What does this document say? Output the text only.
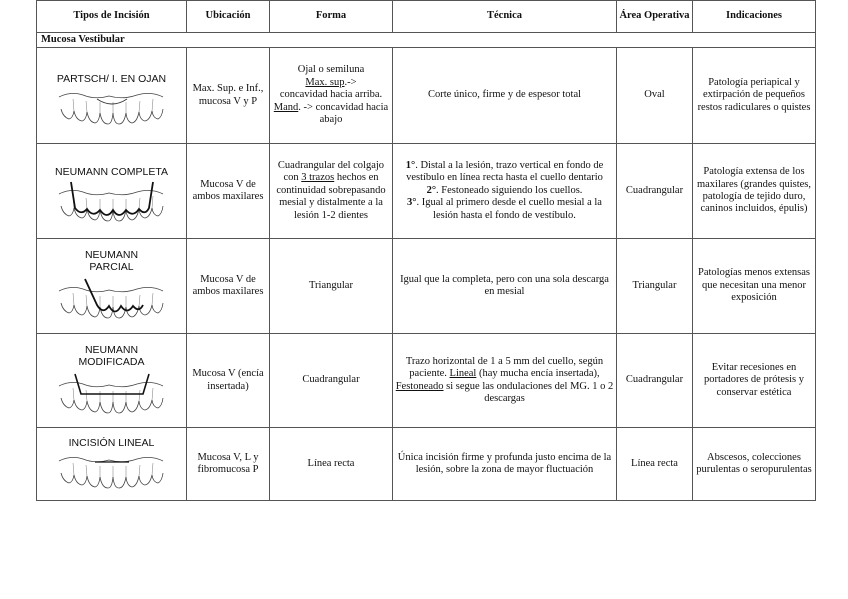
Tipos de Incisión	Ubicación	Forma	Técnica	Área Operativa	Indicaciones
Mucosa Vestibular					

PARTSCH/ I. EN OJAN	Max. Sup. e Inf., mucosa V y P	Ojal o semiluna
Max. sup.->
concavidad hacia arriba.
Mand. -> concavidad hacia abajo	Corte único, firme y de espesor total	Oval	Patología periapical y extirpación de pequeños restos radiculares o quistes

NEUMANN COMPLETA	Mucosa V de ambos maxilares	Cuadrangular del colgajo con 3 trazos hechos en continuidad sobrepasando mesial y distalmente a la lesión 1-2 dientes	1°. Distal a la lesión, trazo vertical en fondo de vestíbulo en línea recta hasta el cuello dentario
2°. Festoneado siguiendo los cuellos.
3°. Igual al primero desde el cuello mesial a la lesión hasta el fondo de vestíbulo.	Cuadrangular	Patología extensa de los maxilares (grandes quistes, patología de tejido duro, caninos incluidos, épulis)

NEUMANN PARCIAL	Mucosa V de ambos maxilares	Triangular	Igual que la completa, pero con una sola descarga en mesial	Triangular	Patologías menos extensas que necesitan una menor exposición

NEUMANN MODIFICADA	Mucosa V (encía insertada)	Cuadrangular	Trazo horizontal de 1 a 5 mm del cuello, según paciente. Lineal (hay mucha encía insertada), Festoneado si segue las ondulaciones del MG. 1 o 2 descargas	Cuadrangular	Evitar recesiones en portadores de prótesis y conservar estética

INCISIÓN LINEAL	Mucosa V, L y fibromucosa P	Línea recta	Única incisión firme y profunda justo encima de la lesión, sobre la zona de mayor fluctuación	Línea recta	Abscesos, colecciones purulentas o seropurulentas
